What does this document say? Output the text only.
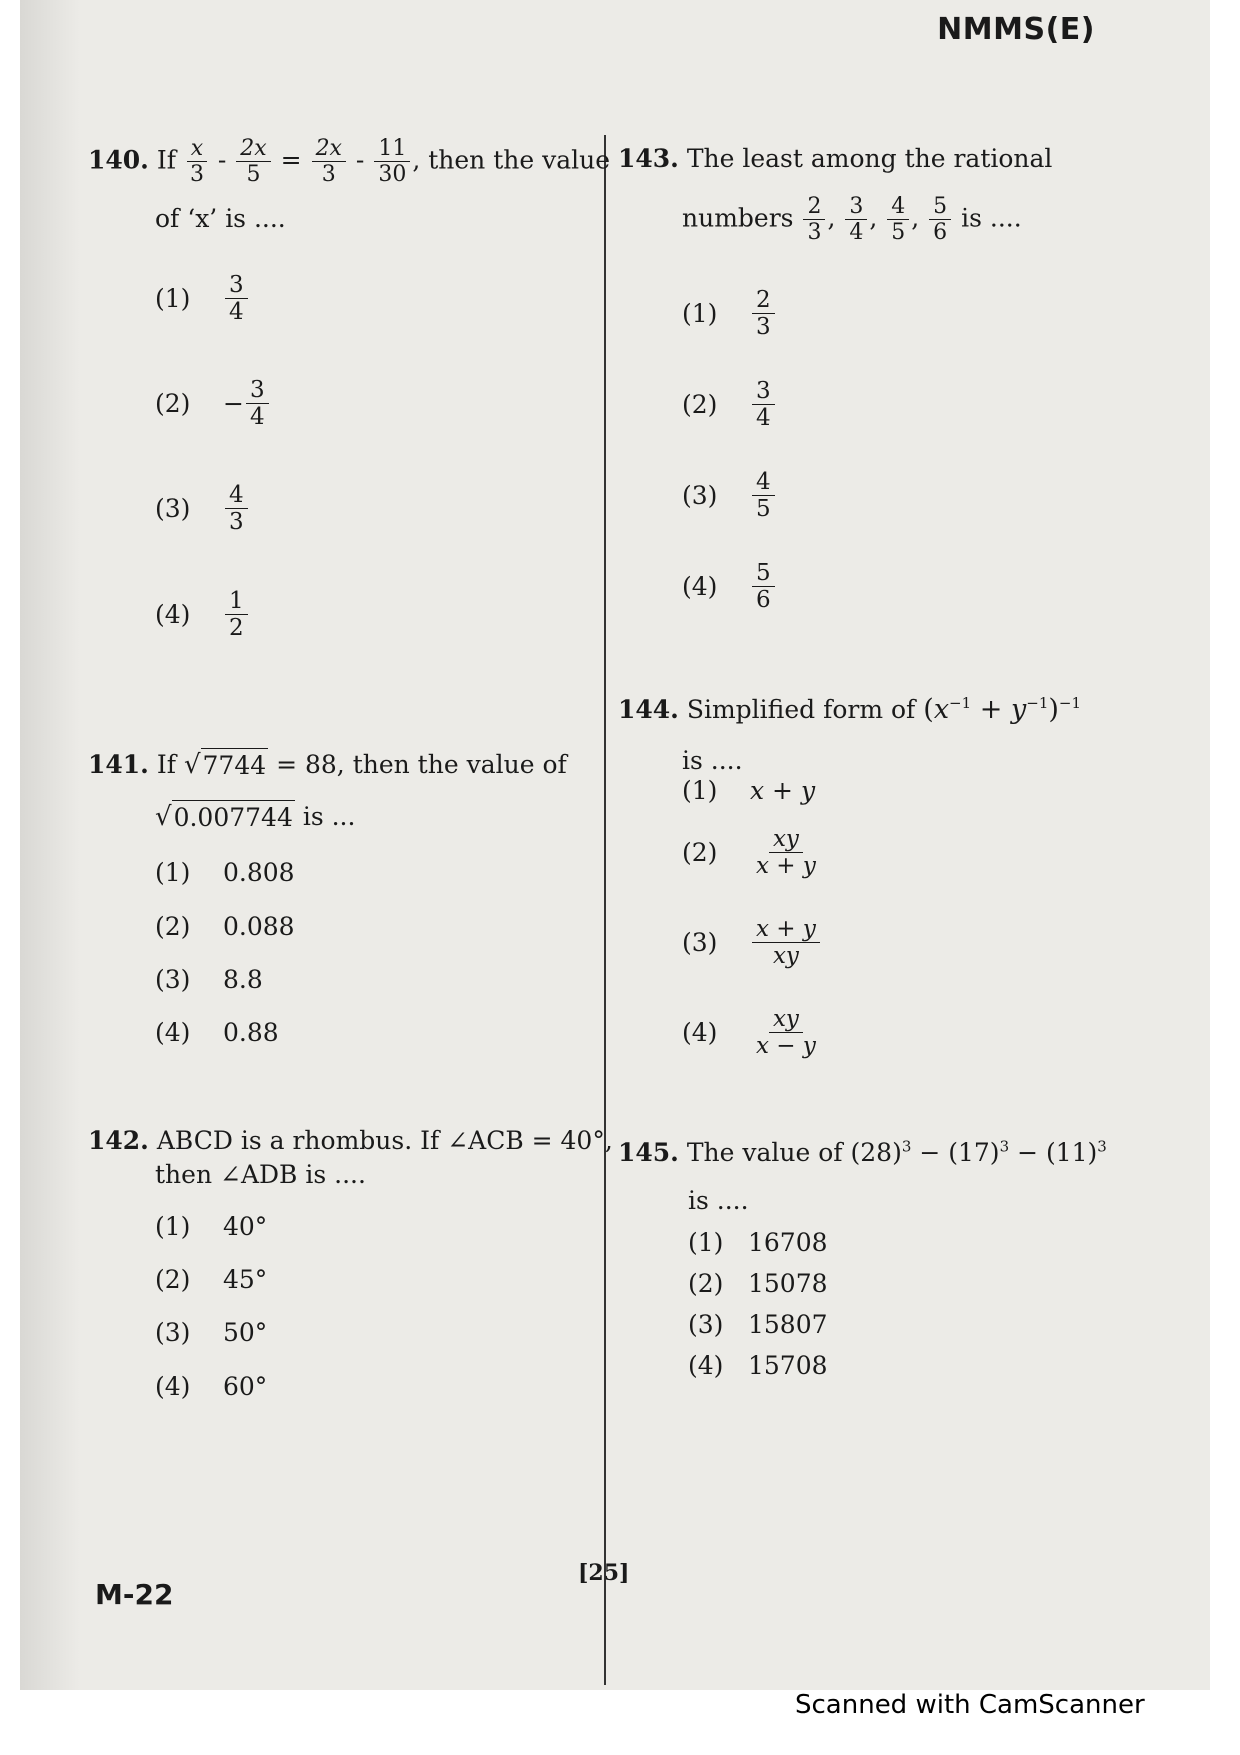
NMMS(E)
140. If $\frac{x}{3} - \frac{2x}{5} = \frac{2x}{3} - \frac{11}{30}$ , then the value
of ‘x’ is ....
(1)	$\frac{3}{4}$
(2)	− $\frac{3}{4}$
(3)	$\frac{4}{3}$
(4)	$\frac{1}{2}$
141. If √ 7744 = 88, then the value of
√ 0.007744 is ...
(1)	0.808
(2)	0.088
(3)	8.8
(4)	0.88
142. ABCD is a rhombus. If ∠ACB = 40°,
then ∠ADB is ....
(1)	40°
(2)	45°
(3)	50°
(4)	60°
143. The least among the rational
numbers $\frac{2}{3}$ , $\frac{3}{4}$ , $\frac{4}{5}$ , $\frac{5}{6}$ is ....
(1)	$\frac{2}{3}$
(2)	$\frac{3}{4}$
(3)	$\frac{4}{5}$
(4)	$\frac{5}{6}$
144. Simplified form of $(x^{-1} + y^{-1})^{-1}$
is ....
(1)	x + y
(2)	$\frac{xy}{x + y}$
(3)	$\frac{x + y}{xy}$
(4)	$\frac{xy}{x - y}$
145. The value of $(28)^3 - (17)^3 - (11)^3$
is ....
(1) 16708
(2) 15078
(3) 15807
(4) 15708
M-22
[25]
Scanned with CamScanner
